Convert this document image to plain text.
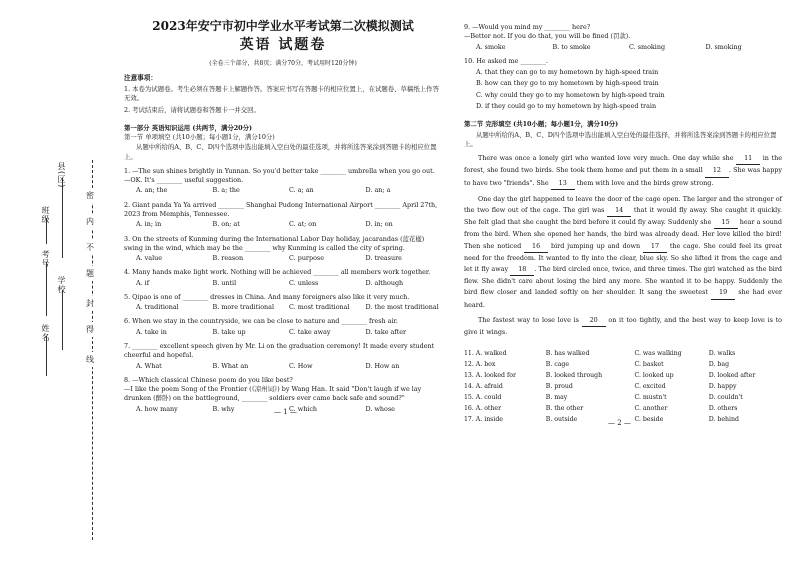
县(区)
班级
考号
学校
姓名
密
内
不
题
封
得
线
2023年安宁市初中学业水平考试第二次模拟测试
英语 试题卷
(全卷三个部分，共8页；满分70分，考试用时120分钟)
注意事项：
1. 本卷为试题卷。考生必须在答题卡上解题作答。答案应书写在答题卡的相应位置上，在试题卷、草稿纸上作答无效。
2. 考试结束后，请将试题卷和答题卡一并交回。
第一部分 英语知识运用 (共两节，满分20分)
第一节 单项填空 (共10小题；每小题1分，满分10分)
从题中所给的A、B、C、D四个选项中选出能填入空白处的最佳选项，并将所选答案涂到答题卡的相应位置上。
1. —The sun shines brightly in Yunnan. So you'd better take ________ umbrella when you go out.
—OK. It's ________ useful suggestion.
A. an; the	B. a; the	C. a; an	D. an; a
2. Giant panda Ya Ya arrived ________ Shanghai Pudong International Airport ________ April 27th, 2023 from Memphis, Tennessee.
A. in; in	B. on; at	C. at; on	D. in; on
3. On the streets of Kunming during the International Labor Day holiday, jacarandas (蓝花楹) swing in the wind, which may be the ________ why Kunming is called the city of spring.
A. value	B. reason	C. purpose	D. treasure
4. Many hands make light work. Nothing will be achieved ________ all members work together.
A. if	B. until	C. unless	D. although
5. Qipao is one of ________ dresses in China. And many foreigners also like it very much.
A. traditional	B. more traditional	C. most traditional	D. the most traditional
6. When we stay in the countryside, we can be close to nature and ________ fresh air.
A. take in	B. take up	C. take away	D. take after
7. ________ excellent speech given by Mr. Li on the graduation ceremony! It made every student cheerful and hopeful.
A. What	B. What an	C. How	D. How an
8. —Which classical Chinese poem do you like best?
—I like the poem Song of the Frontier (《凉州词》) by Wang Han. It said "Don't laugh if we lay drunken (醉卧) on the battleground, ________ soldiers ever came back safe and sound?"
A. how many	B. why	C. which	D. whose
— 1 —
9. —Would you mind my ________ here?
—Better not. If you do that, you will be fined (罚款).
A. smoke	B. to smoke	C. smoking	D. smoking
10. He asked me ________.
A. that they can go to my hometown by high-speed train
B. how can they go to my hometown by high-speed train
C. why could they go to my hometown by high-speed train
D. if they could go to my hometown by high-speed train
第二节 完形填空 (共10小题；每小题1分，满分10分)
从题中所给的A、B、C、D四个选项中选出能填入空白处的最佳选择，并将所选答案涂到答题卡的相应位置上。
There was once a lonely girl who wanted love very much. One day while she 11 in the forest, she found two birds. She took them home and put them in a small 12 . She was happy to have two "friends". She 13 them with love and the birds grew strong.
One day the girl happened to leave the door of the cage open. The larger and the stronger of the two flew out of the cage. The girl was 14 that it would fly away. She caught it quickly. She felt glad that she caught the bird before it could fly away. Suddenly she 15 hear a sound from the bird. When she opened her hands, the bird was already dead. Her love killed the bird! Then she noticed 16 bird jumping up and down 17 the cage. She could feel its great need for the freedom. It wanted to fly into the clear, blue sky. So she lifted it from the cage and let it fly away 18 . The bird circled once, twice, and three times. The girl watched as the bird flew. She didn't care about losing the bird any more. She wanted it to be happy. Suddenly the bird flew closer and landed softly on her shoulder. It sang the sweetest 19 she had ever heard.
The fastest way to lose love is 20 on it too tightly, and the best way to keep love is to give it wings.
11. A. walked	B. has walked	C. was walking	D. walks
12. A. box	B. cage	C. basket	D. bag
13. A. looked for	B. looked through	C. looked up	D. looked after
14. A. afraid	B. proud	C. excited	D. happy
15. A. could	B. may	C. mustn't	D. couldn't
16. A. other	B. the other	C. another	D. others
17. A. inside	B. outside	C. beside	D. behind
— 2 —
